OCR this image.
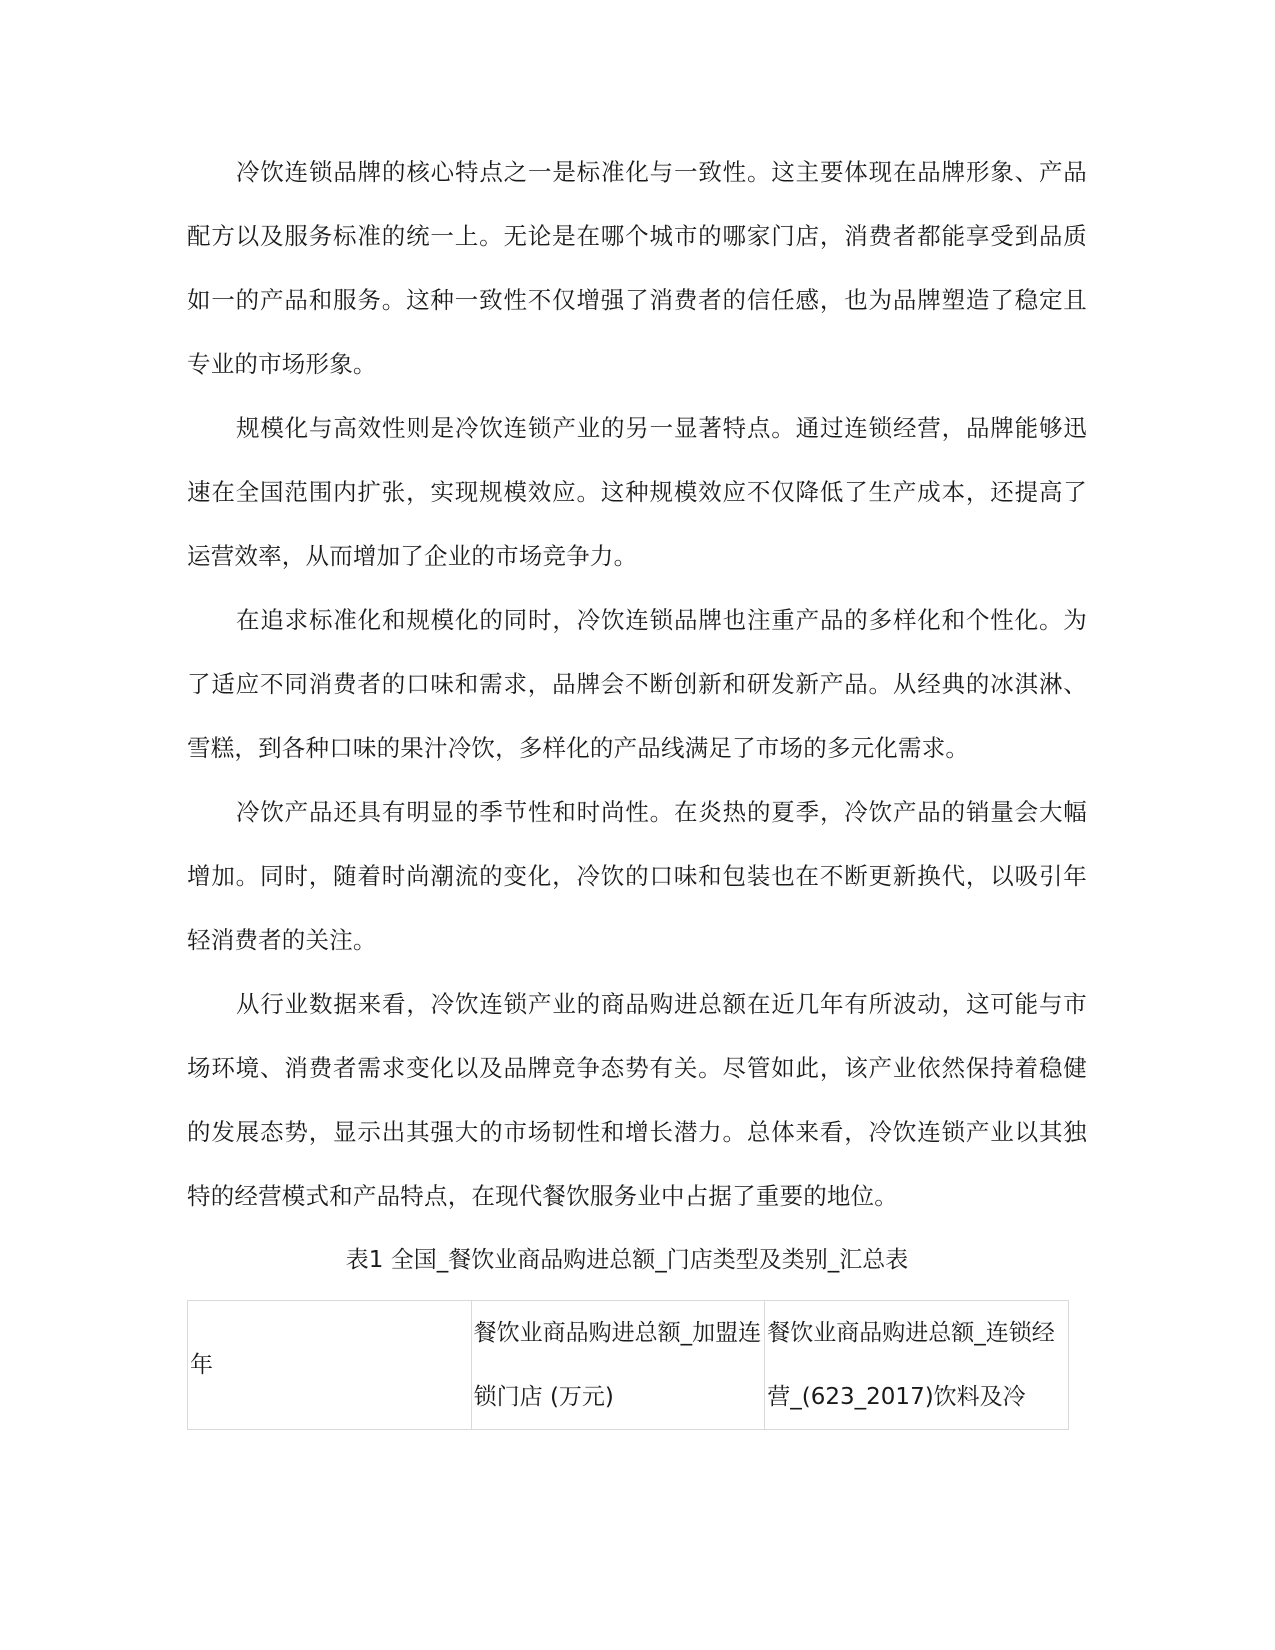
冷饮连锁品牌的核心特点之一是标准化与一致性。这主要体现在品牌形象、产品配方以及服务标准的统一上。无论是在哪个城市的哪家门店，消费者都能享受到品质如一的产品和服务。这种一致性不仅增强了消费者的信任感，也为品牌塑造了稳定且专业的市场形象。

规模化与高效性则是冷饮连锁产业的另一显著特点。通过连锁经营，品牌能够迅速在全国范围内扩张，实现规模效应。这种规模效应不仅降低了生产成本，还提高了运营效率，从而增加了企业的市场竞争力。

在追求标准化和规模化的同时，冷饮连锁品牌也注重产品的多样化和个性化。为了适应不同消费者的口味和需求，品牌会不断创新和研发新产品。从经典的冰淇淋、雪糕，到各种口味的果汁冷饮，多样化的产品线满足了市场的多元化需求。

冷饮产品还具有明显的季节性和时尚性。在炎热的夏季，冷饮产品的销量会大幅增加。同时，随着时尚潮流的变化，冷饮的口味和包装也在不断更新换代，以吸引年轻消费者的关注。

从行业数据来看，冷饮连锁产业的商品购进总额在近几年有所波动，这可能与市场环境、消费者需求变化以及品牌竞争态势有关。尽管如此，该产业依然保持着稳健的发展态势，显示出其强大的市场韧性和增长潜力。总体来看，冷饮连锁产业以其独特的经营模式和产品特点，在现代餐饮服务业中占据了重要的地位。

表1 全国_餐饮业商品购进总额_门店类型及类别_汇总表

年	餐饮业商品购进总额_加盟连锁门店 (万元)	餐饮业商品购进总额_连锁经营_(623_2017)饮料及冷
